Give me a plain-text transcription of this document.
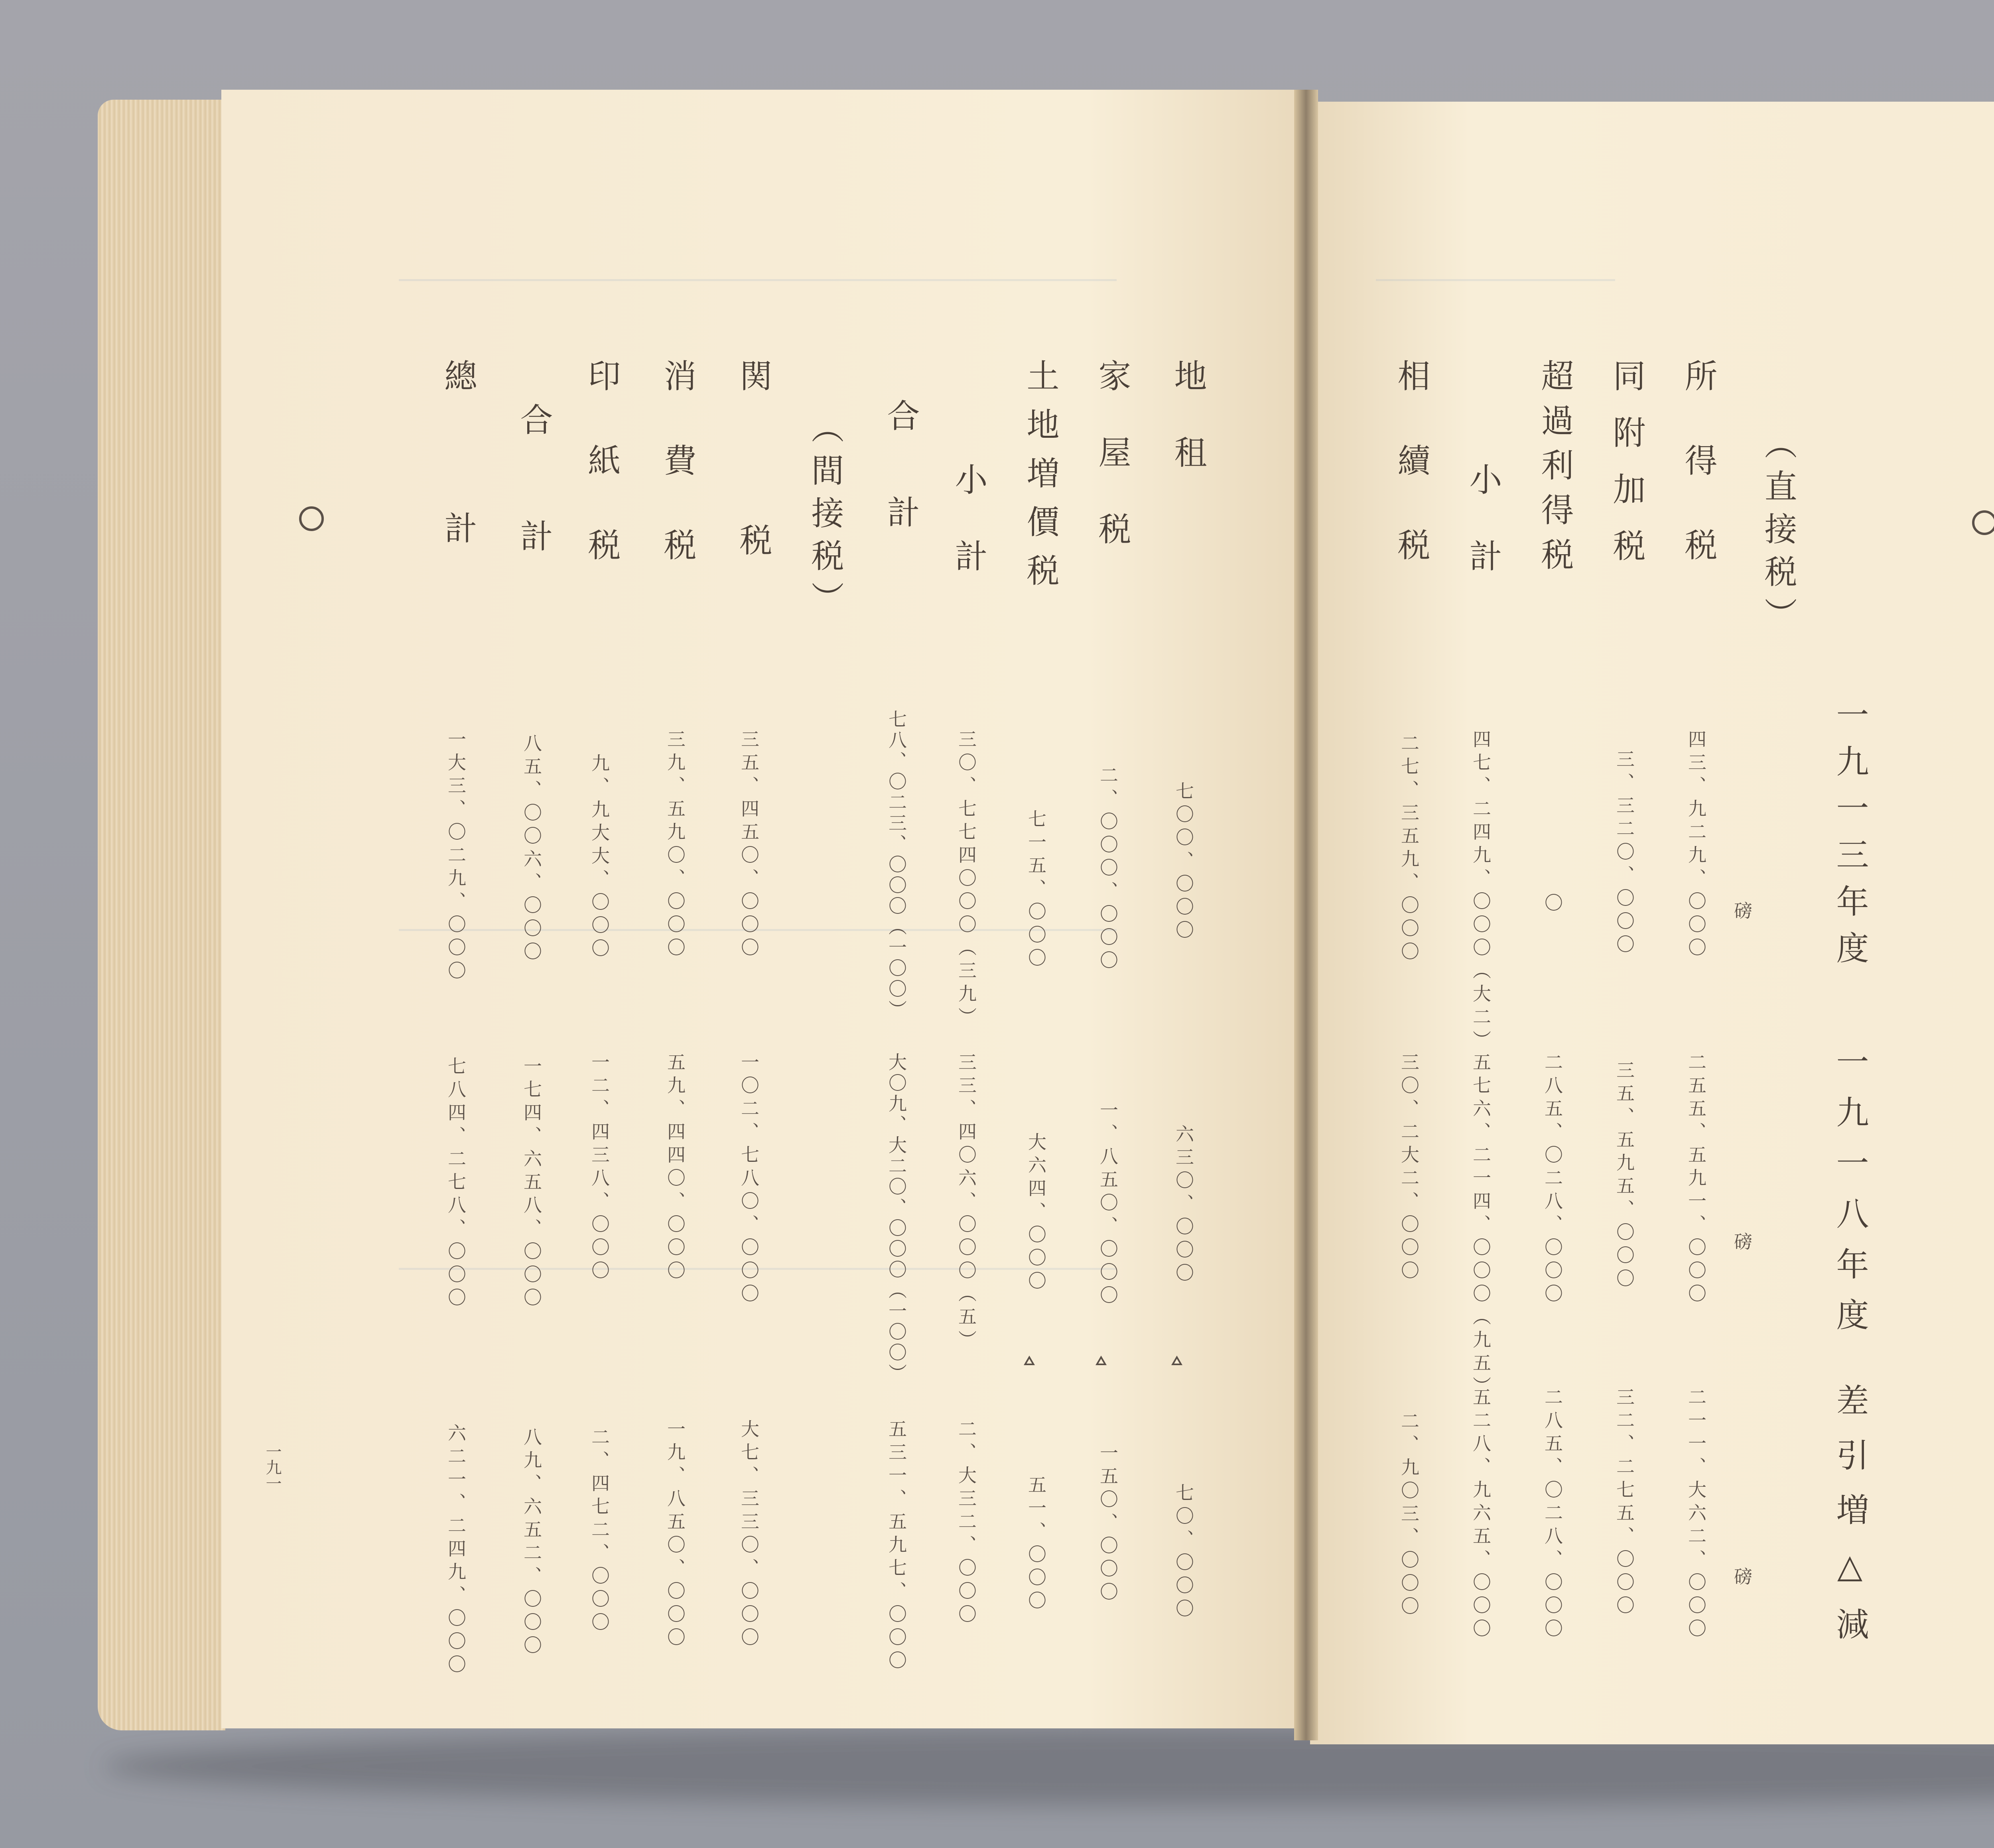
地租
七〇〇、〇〇〇
六三〇、〇〇〇
七〇、〇〇〇
家屋税
二、〇〇〇、〇〇〇
一、八五〇、〇〇〇
一五〇、〇〇〇
土地増價税
七一五、〇〇〇
大六四、〇〇〇
五一、〇〇〇
小計
三〇、七七四〇〇〇（三九）
三三、四〇六、〇〇〇（五）
二、大三二、〇〇〇
合計
七八、〇二三、〇〇〇（一〇〇）
大〇九、大二〇、〇〇〇（一〇〇）
五三一、五九七、〇〇〇
（間接税）
関税
三五、四五〇、〇〇〇
一〇二、七八〇、〇〇〇
大七、三三〇、〇〇〇
消費税
三九、五九〇、〇〇〇
五九、四四〇、〇〇〇
一九、八五〇、〇〇〇
印紙税
九、九大大、〇〇〇
一二、四三八、〇〇〇
二、四七二、〇〇〇
合計
八五、〇〇六、〇〇〇
一七四、六五八、〇〇〇
八九、六五二、〇〇〇
總計
一大三、〇二九、〇〇〇
七八四、二七八、〇〇〇
六二一、二四九、〇〇〇
一九一
一九一三年度
一九一八年度
差引増△減
磅
磅
磅
（直接税）
所得税
四三、九二九、〇〇〇
二五五、五九一、〇〇〇
二一一、大六二、〇〇〇
同附加税
三、三二〇、〇〇〇
三五、五九五、〇〇〇
三二、二七五、〇〇〇
超過利得税
〇
二八五、〇二八、〇〇〇
二八五、〇二八、〇〇〇
小計
四七、二四九、〇〇〇（大二）
五七六、二一四、〇〇〇（九五）
五二八、九六五、〇〇〇
相續税
二七、三五九、〇〇〇
三〇、二大二、〇〇〇
二、九〇三、〇〇〇
